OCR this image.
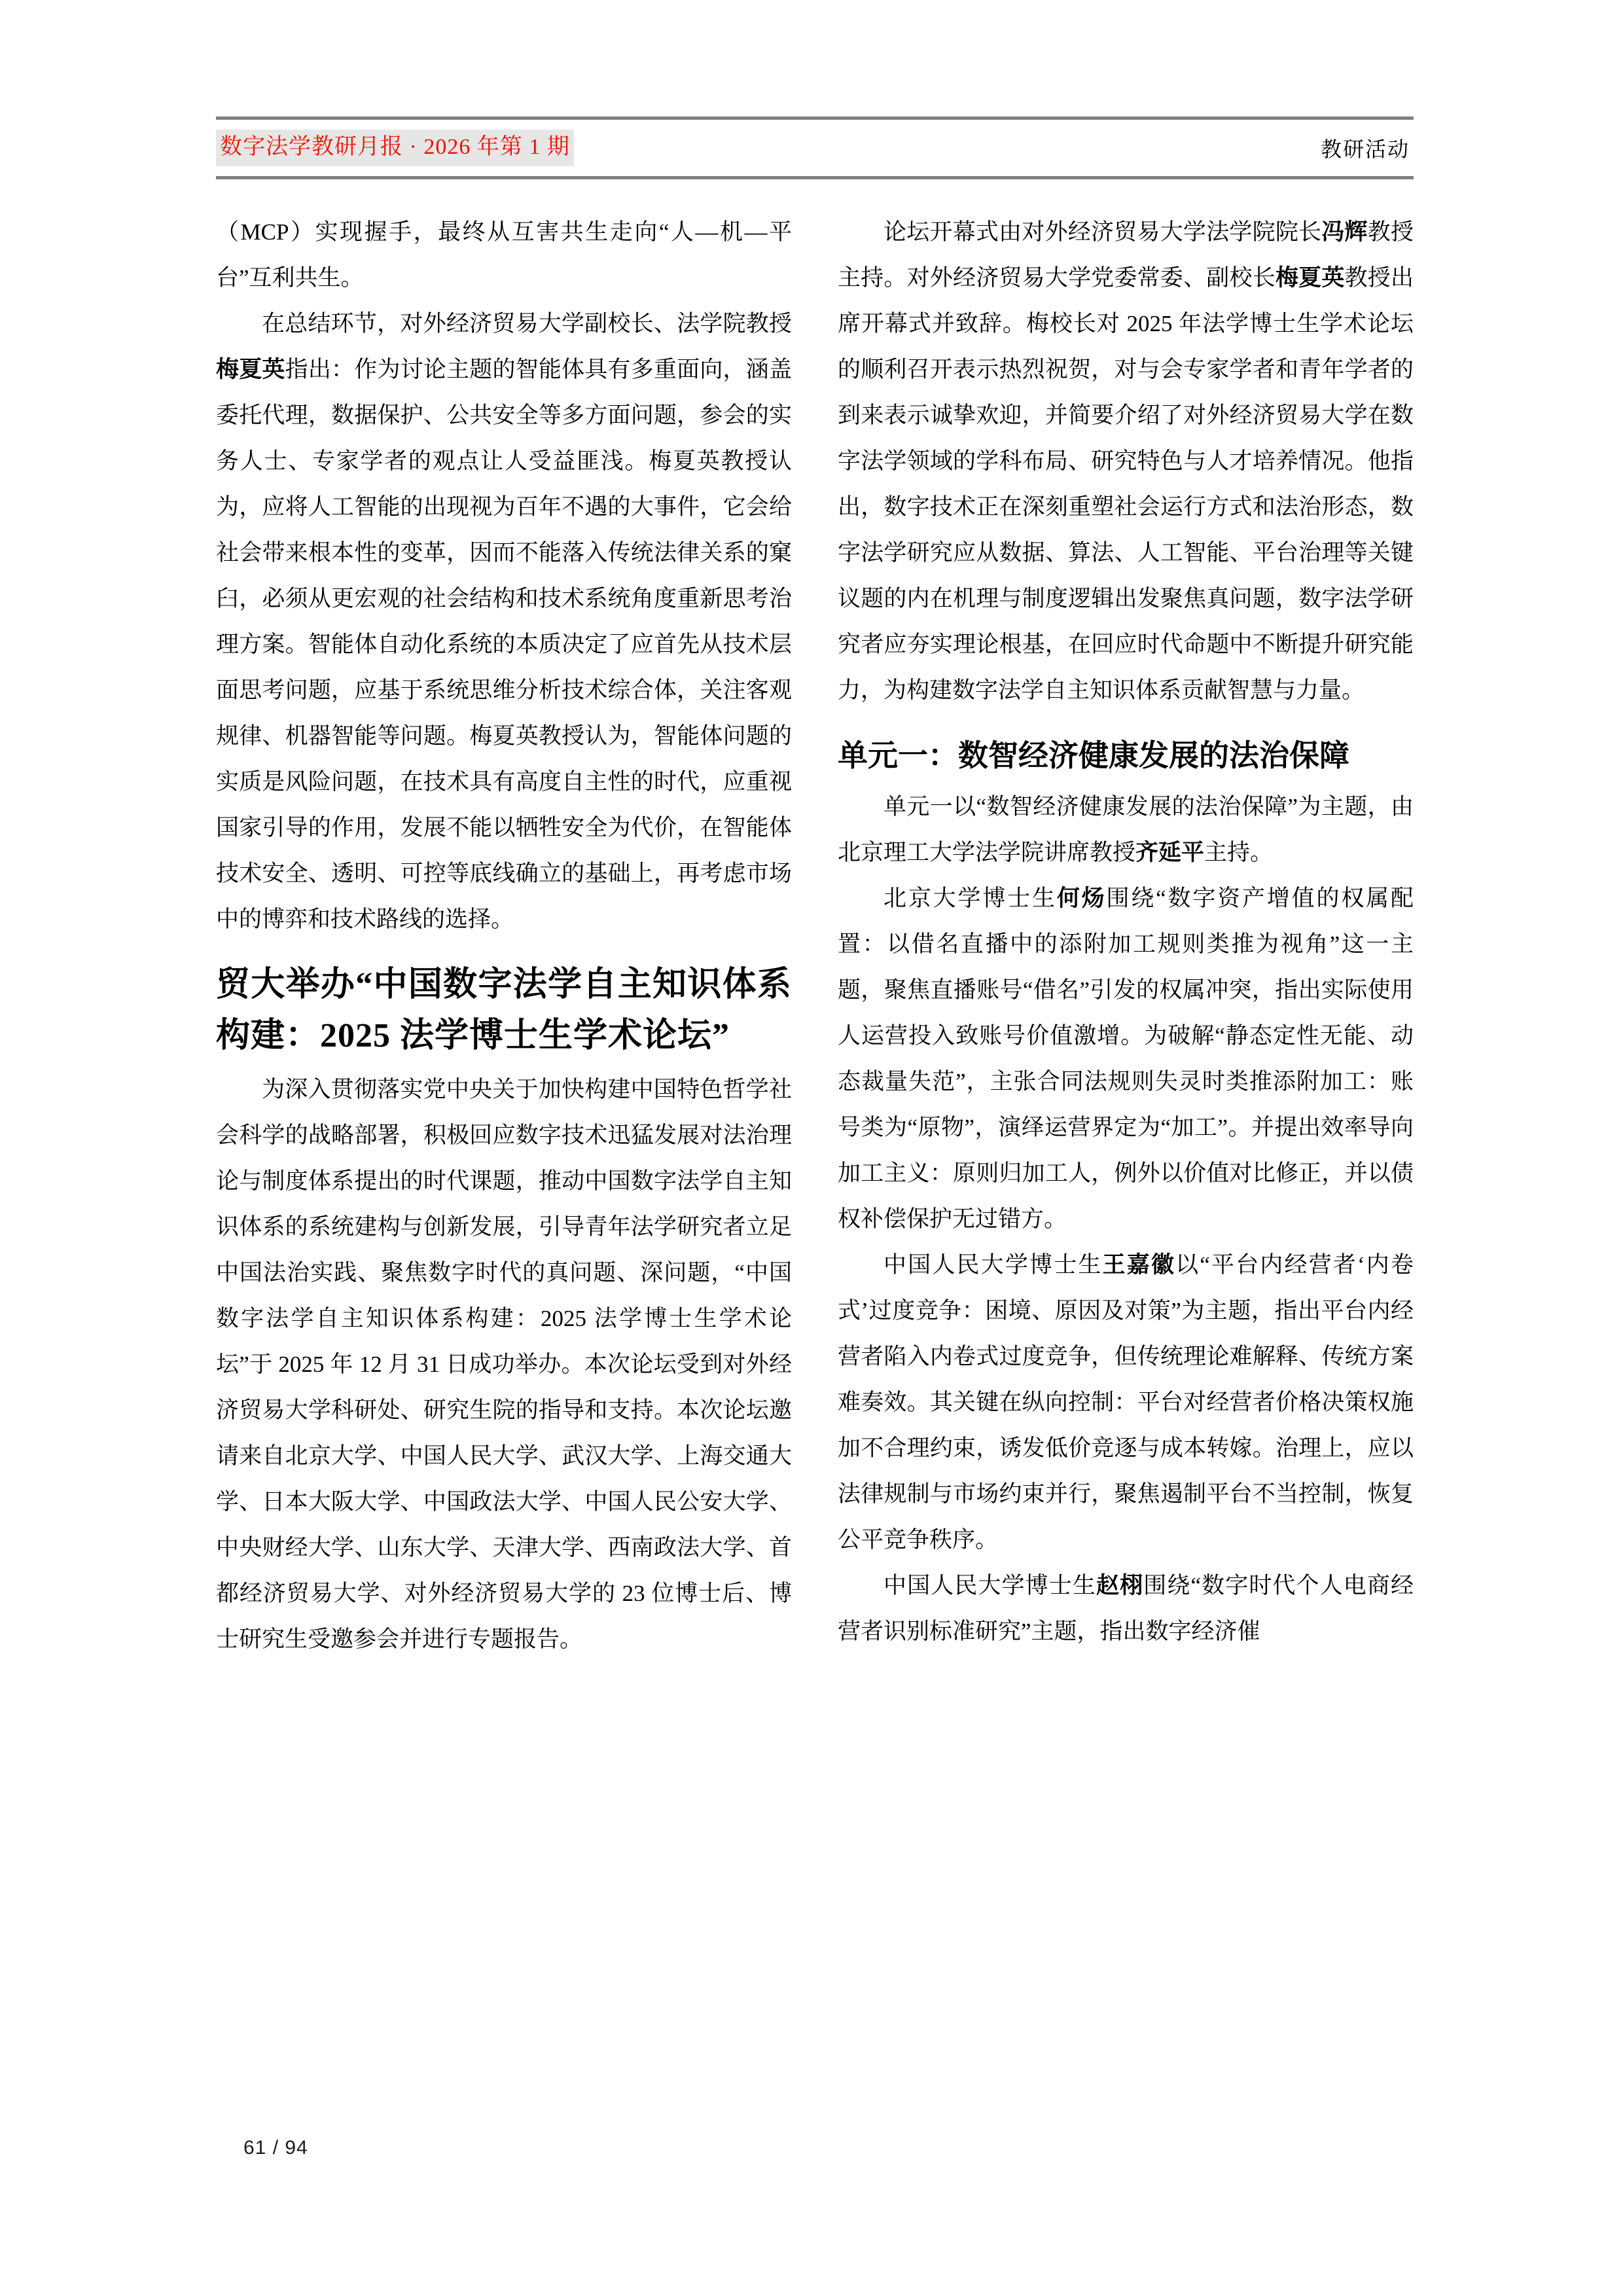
数字法学教研月报 · 2026 年第 1 期	教研活动

（MCP）实现握手，最终从互害共生走向“人—机—平台”互利共生。

在总结环节，对外经济贸易大学副校长、法学院教授梅夏英指出：作为讨论主题的智能体具有多重面向，涵盖委托代理，数据保护、公共安全等多方面问题，参会的实务人士、专家学者的观点让人受益匪浅。梅夏英教授认为，应将人工智能的出现视为百年不遇的大事件，它会给社会带来根本性的变革，因而不能落入传统法律关系的窠臼，必须从更宏观的社会结构和技术系统角度重新思考治理方案。智能体自动化系统的本质决定了应首先从技术层面思考问题，应基于系统思维分析技术综合体，关注客观规律、机器智能等问题。梅夏英教授认为，智能体问题的实质是风险问题，在技术具有高度自主性的时代，应重视国家引导的作用，发展不能以牺牲安全为代价，在智能体技术安全、透明、可控等底线确立的基础上，再考虑市场中的博弈和技术路线的选择。

贸大举办“中国数字法学自主知识体系构建：2025 法学博士生学术论坛”

为深入贯彻落实党中央关于加快构建中国特色哲学社会科学的战略部署，积极回应数字技术迅猛发展对法治理论与制度体系提出的时代课题，推动中国数字法学自主知识体系的系统建构与创新发展，引导青年法学研究者立足中国法治实践、聚焦数字时代的真问题、深问题，“中国数字法学自主知识体系构建：2025 法学博士生学术论坛”于 2025 年 12 月 31 日成功举办。本次论坛受到对外经济贸易大学科研处、研究生院的指导和支持。本次论坛邀请来自北京大学、中国人民大学、武汉大学、上海交通大学、日本大阪大学、中国政法大学、中国人民公安大学、中央财经大学、山东大学、天津大学、西南政法大学、首都经济贸易大学、对外经济贸易大学的 23 位博士后、博士研究生受邀参会并进行专题报告。

论坛开幕式由对外经济贸易大学法学院院长冯辉教授主持。对外经济贸易大学党委常委、副校长梅夏英教授出席开幕式并致辞。梅校长对 2025 年法学博士生学术论坛的顺利召开表示热烈祝贺，对与会专家学者和青年学者的到来表示诚挚欢迎，并简要介绍了对外经济贸易大学在数字法学领域的学科布局、研究特色与人才培养情况。他指出，数字技术正在深刻重塑社会运行方式和法治形态，数字法学研究应从数据、算法、人工智能、平台治理等关键议题的内在机理与制度逻辑出发聚焦真问题，数字法学研究者应夯实理论根基，在回应时代命题中不断提升研究能力，为构建数字法学自主知识体系贡献智慧与力量。

单元一：数智经济健康发展的法治保障

单元一以“数智经济健康发展的法治保障”为主题，由北京理工大学法学院讲席教授齐延平主持。

北京大学博士生何炀围绕“数字资产增值的权属配置：以借名直播中的添附加工规则类推为视角”这一主题，聚焦直播账号“借名”引发的权属冲突，指出实际使用人运营投入致账号价值激增。为破解“静态定性无能、动态裁量失范”，主张合同法规则失灵时类推添附加工：账号类为“原物”，演绎运营界定为“加工”。并提出效率导向加工主义：原则归加工人，例外以价值对比修正，并以债权补偿保护无过错方。

中国人民大学博士生王嘉徽以“平台内经营者‘内卷式’过度竞争：困境、原因及对策”为主题，指出平台内经营者陷入内卷式过度竞争，但传统理论难解释、传统方案难奏效。其关键在纵向控制：平台对经营者价格决策权施加不合理约束，诱发低价竞逐与成本转嫁。治理上，应以法律规制与市场约束并行，聚焦遏制平台不当控制，恢复公平竞争秩序。

中国人民大学博士生赵栩围绕“数字时代个人电商经营者识别标准研究”主题，指出数字经济催

61 / 94
